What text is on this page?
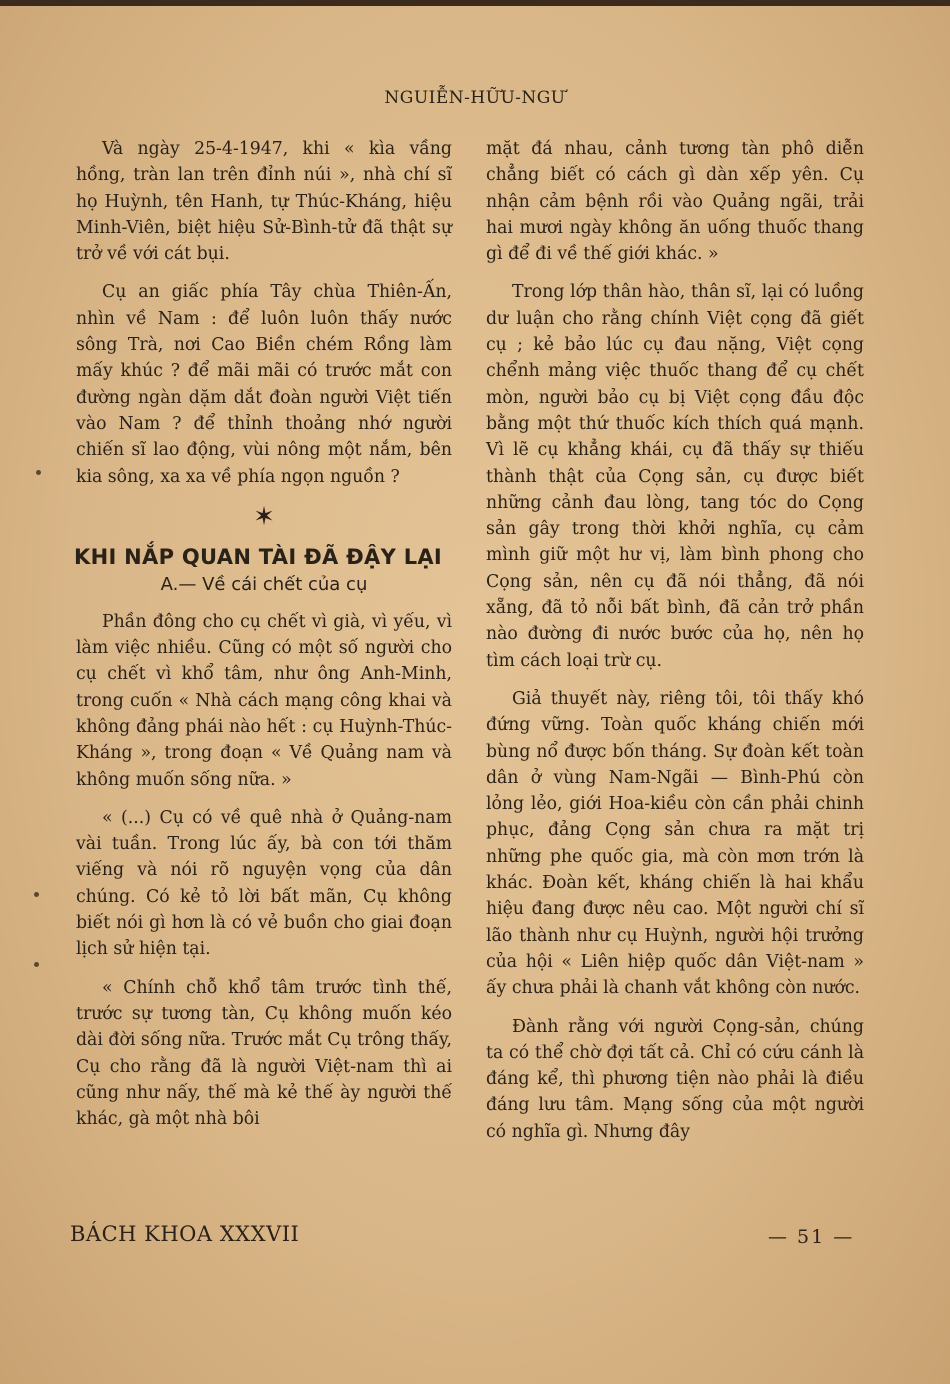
NGUIỄN-HỮU-NGƯ

Và ngày 25-4-1947, khi « kìa vầng hồng, tràn lan trên đỉnh núi », nhà chí sĩ họ Huỳnh, tên Hanh, tự Thúc-Kháng, hiệu Minh-Viên, biệt hiệu Sử-Bình-tử đã thật sự trở về với cát bụi.

Cụ an giấc phía Tây chùa Thiên-Ấn, nhìn về Nam : để luôn luôn thấy nước sông Trà, nơi Cao Biền chém Rồng làm mấy khúc ? để mãi mãi có trước mắt con đường ngàn dặm dắt đoàn người Việt tiến vào Nam ? để thỉnh thoảng nhớ người chiến sĩ lao động, vùi nông một nắm, bên kia sông, xa xa về phía ngọn nguồn ?

✶
KHI NẮP QUAN TÀI ĐÃ ĐẬY LẠI
A.— Về cái chết của cụ

Phần đông cho cụ chết vì già, vì yếu, vì làm việc nhiều. Cũng có một số người cho cụ chết vì khổ tâm, như ông Anh-Minh, trong cuốn « Nhà cách mạng công khai và không đảng phái nào hết : cụ Huỳnh-Thúc-Kháng », trong đoạn « Về Quảng nam và không muốn sống nữa. »

« (...) Cụ có về quê nhà ở Quảng-nam vài tuần. Trong lúc ấy, bà con tới thăm viếng và nói rõ nguyện vọng của dân chúng. Có kẻ tỏ lời bất mãn, Cụ không biết nói gì hơn là có vẻ buồn cho giai đoạn lịch sử hiện tại.

« Chính chỗ khổ tâm trước tình thế, trước sự tương tàn, Cụ không muốn kéo dài đời sống nữa. Trước mắt Cụ trông thấy, Cụ cho rằng đã là người Việt-nam thì ai cũng như nấy, thế mà kẻ thế ày người thế khác, gà một nhà bôi

mặt đá nhau, cảnh tương tàn phô diễn chẳng biết có cách gì dàn xếp yên. Cụ nhận cảm bệnh rồi vào Quảng ngãi, trải hai mươi ngày không ăn uống thuốc thang gì để đi về thế giới khác. »

Trong lớp thân hào, thân sĩ, lại có luồng dư luận cho rằng chính Việt cọng đã giết cụ ; kẻ bảo lúc cụ đau nặng, Việt cọng chểnh mảng việc thuốc thang để cụ chết mòn, người bảo cụ bị Việt cọng đầu độc bằng một thứ thuốc kích thích quá mạnh. Vì lẽ cụ khẳng khái, cụ đã thấy sự thiếu thành thật của Cọng sản, cụ được biết những cảnh đau lòng, tang tóc do Cọng sản gây trong thời khởi nghĩa, cụ cảm mình giữ một hư vị, làm bình phong cho Cọng sản, nên cụ đã nói thẳng, đã nói xẵng, đã tỏ nỗi bất bình, đã cản trở phần nào đường đi nước bước của họ, nên họ tìm cách loại trừ cụ.

Giả thuyết này, riêng tôi, tôi thấy khó đứng vững. Toàn quốc kháng chiến mới bùng nổ được bốn tháng. Sự đoàn kết toàn dân ở vùng Nam-Ngãi — Bình-Phú còn lỏng lẻo, giới Hoa-kiều còn cần phải chinh phục, đảng Cọng sản chưa ra mặt trị những phe quốc gia, mà còn mơn trớn là khác. Đoàn kết, kháng chiến là hai khẩu hiệu đang được nêu cao. Một người chí sĩ lão thành như cụ Huỳnh, người hội trưởng của hội « Liên hiệp quốc dân Việt-nam » ấy chưa phải là chanh vắt không còn nước.

Đành rằng với người Cọng-sản, chúng ta có thể chờ đợi tất cả. Chỉ có cứu cánh là đáng kể, thì phương tiện nào phải là điều đáng lưu tâm. Mạng sống của một người có nghĩa gì. Nhưng đây

BÁCH KHOA XXXVII	— 51 —
